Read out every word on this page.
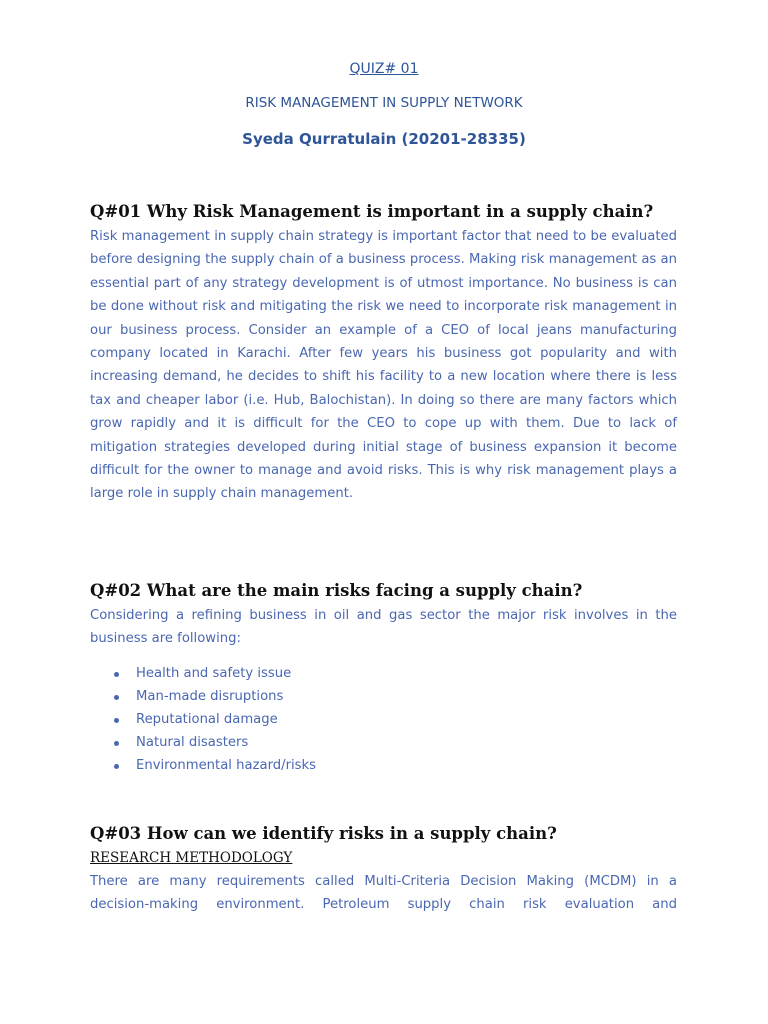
QUIZ# 01
RISK MANAGEMENT IN SUPPLY NETWORK
Syeda Qurratulain (20201-28335)
Q#01 Why Risk Management is important in a supply chain?

Risk management in supply chain strategy is important factor that need to be evaluated before designing the supply chain of a business process. Making risk management as an essential part of any strategy development is of utmost importance. No business is can be done without risk and mitigating the risk we need to incorporate risk management in our business process. Consider an example of a CEO of local jeans manufacturing company located in Karachi. After few years his business got popularity and with increasing demand, he decides to shift his facility to a new location where there is less tax and cheaper labor (i.e. Hub, Balochistan). In doing so there are many factors which grow rapidly and it is difficult for the CEO to cope up with them. Due to lack of mitigation strategies developed during initial stage of business expansion it become difficult for the owner to manage and avoid risks. This is why risk management plays a large role in supply chain management.

Q#02 What are the main risks facing a supply chain?

Considering a refining business in oil and gas sector the major risk involves in the business are following:

Health and safety issue
Man-made disruptions
Reputational damage
Natural disasters
Environmental hazard/risks
Q#03 How can we identify risks in a supply chain?
RESEARCH METHODOLOGY

There are many requirements called Multi-Criteria Decision Making (MCDM) in a decision-making environment. Petroleum supply chain risk evaluation and
